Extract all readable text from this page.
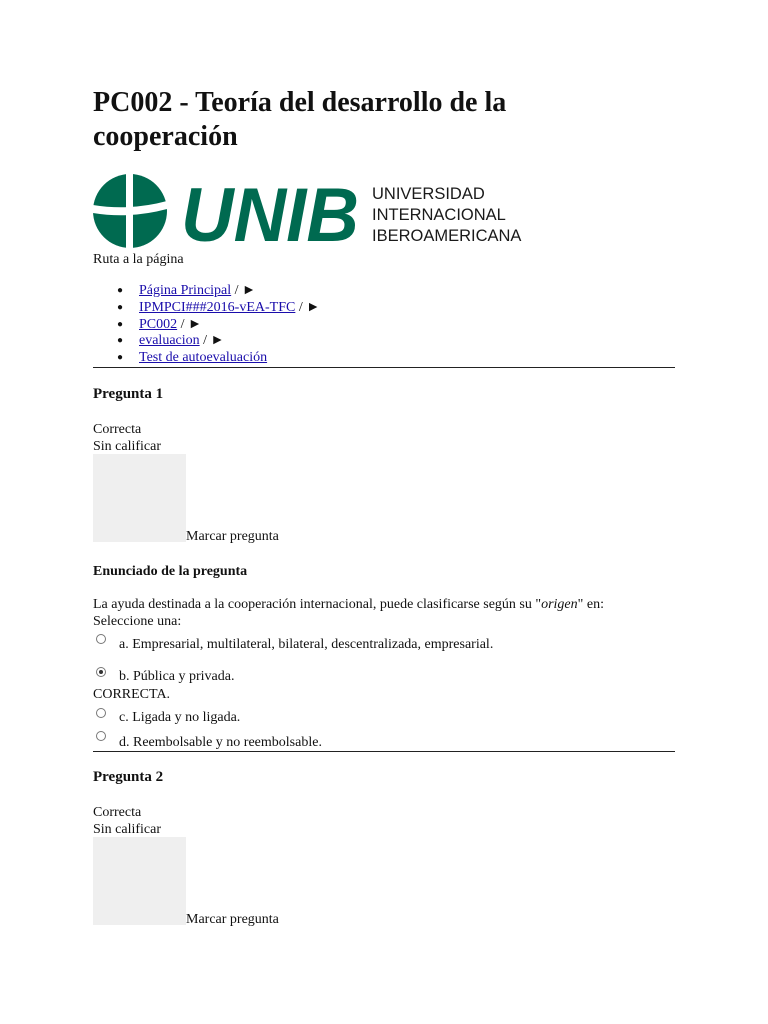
PC002 - Teoría del desarrollo de la cooperación
UNIB UNIVERSIDAD
INTERNACIONAL
IBEROAMERICANA
Ruta a la página
● Página Principal / ►
● IPMPCI###2016-vEA-TFC / ►
● PC002 / ►
● evaluacion / ►
● Test de autoevaluación
Pregunta 1
Correcta
Sin calificar
Marcar pregunta
Enunciado de la pregunta
La ayuda destinada a la cooperación internacional, puede clasificarse según su "origen" en:
Seleccione una:
a. Empresarial, multilateral, bilateral, descentralizada, empresarial.
b. Pública y privada.
CORRECTA.
c. Ligada y no ligada.
d. Reembolsable y no reembolsable.
Pregunta 2
Correcta
Sin calificar
Marcar pregunta
